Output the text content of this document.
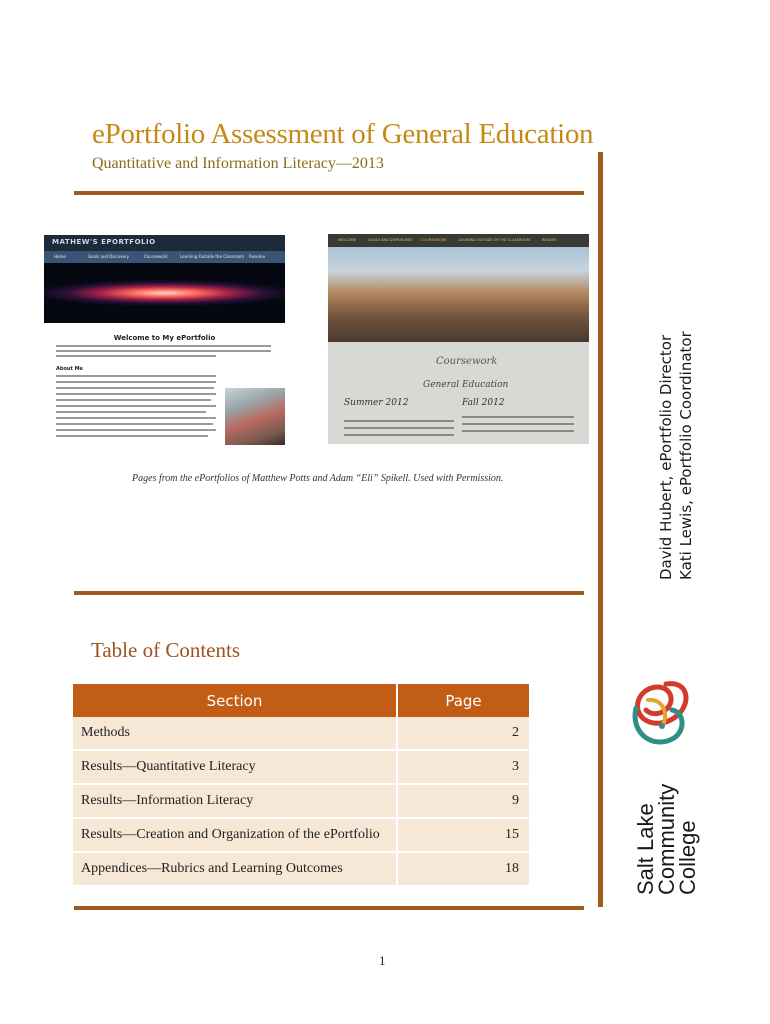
ePortfolio Assessment of General Education
Quantitative and Information Literacy—2013
MATHEW'S EPORTFOLIO
Home	Goals and Discovery	Coursework	Learning Outside the Classroom Resume
Welcome to My ePortfolio
About Me
WELCOME	GOALS AND DISPOSURES COURSEWORK	LEARNING OUTSIDE OF THE CLASSROOM	RESUME
Coursework
General Education
Summer 2012	Fall 2012
Pages from the ePortfolios of Matthew Potts and Adam “Eli” Spikell. Used with Permission.	David Hubert, ePortfolio Director Kati Lewis, ePortfolio Coordinator
Table of Contents
Section	Page
Methods	2
Results—Quantitative Literacy	3
Results—Information Literacy	9
Results—Creation and Organization of the ePortfolio	15
Appendices—Rubrics and Learning Outcomes	18	Salt Lake
Community
College
1
